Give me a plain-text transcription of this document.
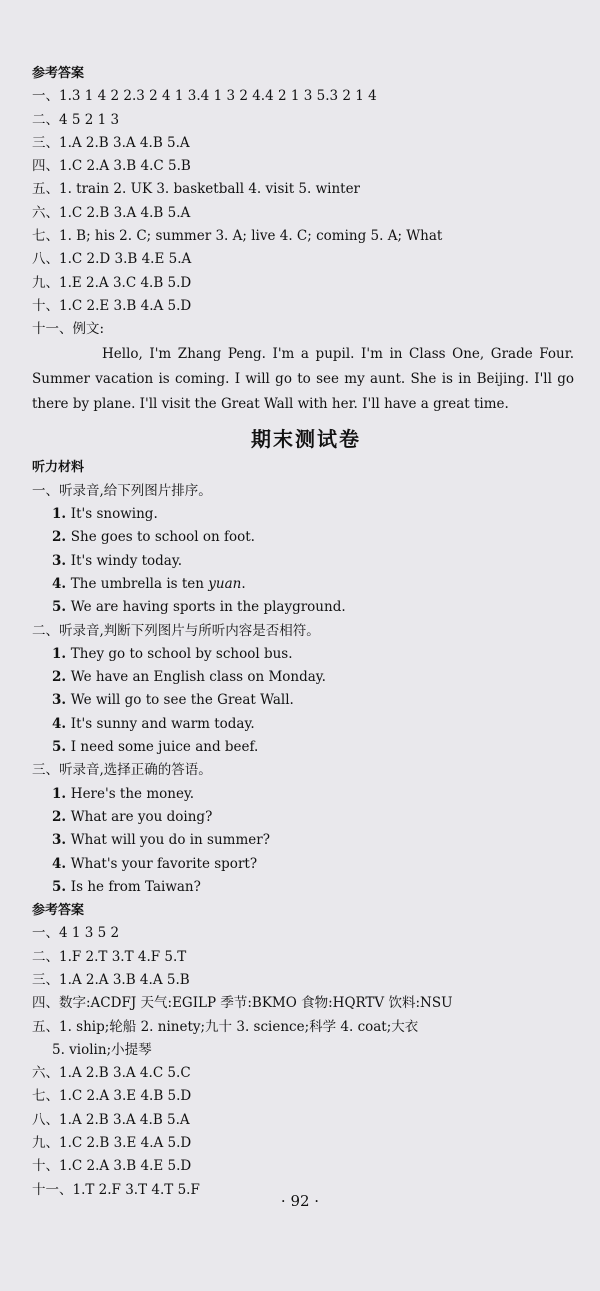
参考答案
一、1.3 1 4 2 2.3 2 4 1 3.4 1 3 2 4.4 2 1 3 5.3 2 1 4
二、4 5 2 1 3
三、1.A 2.B 3.A 4.B 5.A
四、1.C 2.A 3.B 4.C 5.B
五、1. train 2. UK 3. basketball 4. visit 5. winter
六、1.C 2.B 3.A 4.B 5.A
七、1. B; his 2. C; summer 3. A; live 4. C; coming 5. A; What
八、1.C 2.D 3.B 4.E 5.A
九、1.E 2.A 3.C 4.B 5.D
十、1.C 2.E 3.B 4.A 5.D
十一、例文:

Hello, I'm Zhang Peng. I'm a pupil. I'm in Class One, Grade Four. Summer vacation is coming. I will go to see my aunt. She is in Beijing. I'll go there by plane. I'll visit the Great Wall with her. I'll have a great time.

期末测试卷
听力材料
一、听录音,给下列图片排序。
1. It's snowing.
2. She goes to school on foot.
3. It's windy today.
4. The umbrella is ten yuan.
5. We are having sports in the playground.
二、听录音,判断下列图片与所听内容是否相符。
1. They go to school by school bus.
2. We have an English class on Monday.
3. We will go to see the Great Wall.
4. It's sunny and warm today.
5. I need some juice and beef.
三、听录音,选择正确的答语。
1. Here's the money.
2. What are you doing?
3. What will you do in summer?
4. What's your favorite sport?
5. Is he from Taiwan?
参考答案
一、4 1 3 5 2
二、1.F 2.T 3.T 4.F 5.T
三、1.A 2.A 3.B 4.A 5.B
四、数字:ACDFJ 天气:EGILP 季节:BKMO 食物:HQRTV 饮料:NSU
五、1. ship;轮船 2. ninety;九十 3. science;科学 4. coat;大衣
5. violin;小提琴
六、1.A 2.B 3.A 4.C 5.C
七、1.C 2.A 3.E 4.B 5.D
八、1.A 2.B 3.A 4.B 5.A
九、1.C 2.B 3.E 4.A 5.D
十、1.C 2.A 3.B 4.E 5.D
十一、1.T 2.F 3.T 4.T 5.F
· 92 ·
